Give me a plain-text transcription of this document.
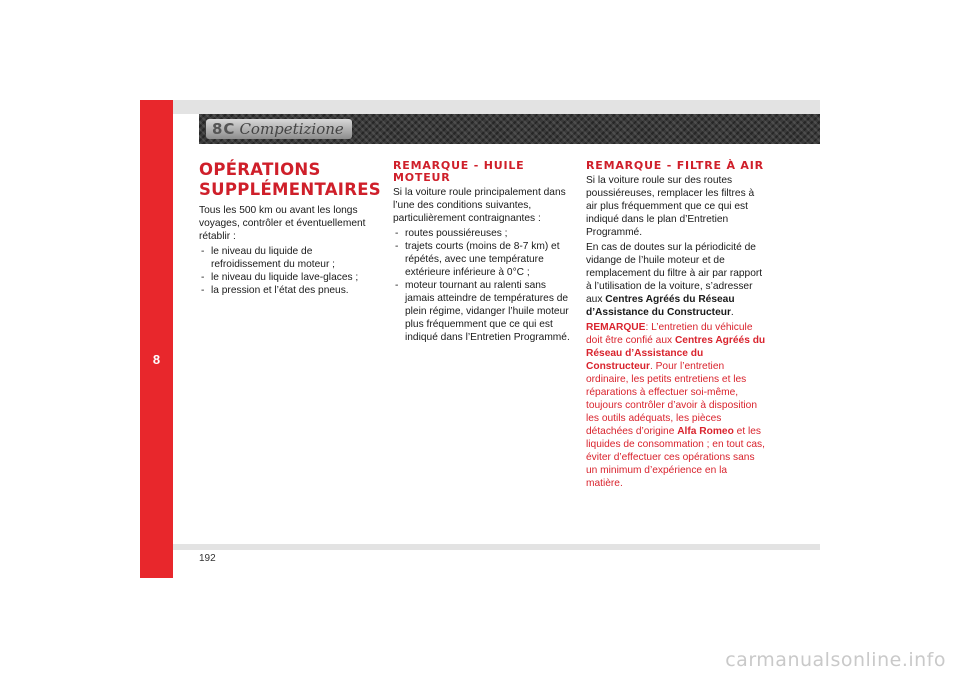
8
8C Competizione
OPÉRATIONS SUPPLÉMENTAIRES

Tous les 500 km ou avant les longs voyages, contrôler et éventuellement rétablir :

- le niveau du liquide de refroidissement du moteur ;
- le niveau du liquide lave-glaces ;
- la pression et l’état des pneus.
REMARQUE - HUILE MOTEUR

Si la voiture roule principalement dans l’une des conditions suivantes, particulièrement contraignantes :

- routes poussiéreuses ;
- trajets courts (moins de 8-7 km) et répétés, avec une température extérieure inférieure à 0°C ;
- moteur tournant au ralenti sans jamais atteindre de températures de plein régime, vidanger l’huile moteur plus fréquemment que ce qui est indiqué dans l’Entretien Programmé.
REMARQUE - FILTRE À AIR

Si la voiture roule sur des routes poussiéreuses, remplacer les filtres à air plus fréquemment que ce qui est indiqué dans le plan d’Entretien Programmé.

En cas de doutes sur la périodicité de vidange de l’huile moteur et de remplacement du filtre à air par rapport à l’utilisation de la voiture, s’adresser aux Centres Agréés du Réseau d’Assistance du Constructeur.

REMARQUE: L’entretien du véhicule doit être confié aux Centres Agréés du Réseau d’Assistance du Constructeur. Pour l’entretien ordinaire, les petits entretiens et les réparations à effectuer soi-même, toujours contrôler d’avoir à disposition les outils adéquats, les pièces détachées d’origine Alfa Romeo et les liquides de consommation ; en tout cas, éviter d’effectuer ces opérations sans un minimum d’expérience en la matière.

192
carmanualsonline.info
